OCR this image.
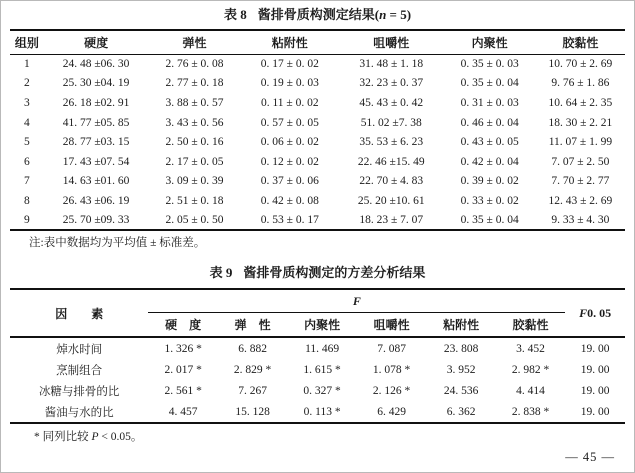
表 8 酱排骨质构测定结果(n = 5)
组别	硬度	弹性	粘附性	咀嚼性	内聚性	胶黏性
1	24. 48 ±06. 30	2. 76 ± 0. 08	0. 17 ± 0. 02	31. 48 ± 1. 18	0. 35 ± 0. 03	10. 70 ± 2. 69
2	25. 30 ±04. 19	2. 77 ± 0. 18	0. 19 ± 0. 03	32. 23 ± 0. 37	0. 35 ± 0. 04	9. 76 ± 1. 86
3	26. 18 ±02. 91	3. 88 ± 0. 57	0. 11 ± 0. 02	45. 43 ± 0. 42	0. 31 ± 0. 03	10. 64 ± 2. 35
4	41. 77 ±05. 85	3. 43 ± 0. 56	0. 57 ± 0. 05	51. 02 ±7. 38	0. 46 ± 0. 04	18. 30 ± 2. 21
5	28. 77 ±03. 15	2. 50 ± 0. 16	0. 06 ± 0. 02	35. 53 ± 6. 23	0. 43 ± 0. 05	11. 07 ± 1. 99
6	17. 43 ±07. 54	2. 17 ± 0. 05	0. 12 ± 0. 02	22. 46 ±15. 49	0. 42 ± 0. 04	7. 07 ± 2. 50
7	14. 63 ±01. 60	3. 09 ± 0. 39	0. 37 ± 0. 06	22. 70 ± 4. 83	0. 39 ± 0. 02	7. 70 ± 2. 77
8	26. 43 ±06. 19	2. 51 ± 0. 18	0. 42 ± 0. 08	25. 20 ±10. 61	0. 33 ± 0. 02	12. 43 ± 2. 69
9	25. 70 ±09. 33	2. 05 ± 0. 50	0. 53 ± 0. 17	18. 23 ± 7. 07	0. 35 ± 0. 04	9. 33 ± 4. 30
注:表中数据均为平均值 ± 标准差。
表 9 酱排骨质构测定的方差分析结果
因　　素	F						F0. 05
	硬　度	弹　性	内聚性	咀嚼性	粘附性	胶黏性	
焯水时间	1. 326 *	6. 882	11. 469	7. 087	23. 808	3. 452	19. 00
烹制组合	2. 017 *	2. 829 *	1. 615 *	1. 078 *	3. 952	2. 982 *	19. 00
冰糖与排骨的比	2. 561 *	7. 267	0. 327 *	2. 126 *	24. 536	4. 414	19. 00
酱油与水的比	4. 457	15. 128	0. 113 *	6. 429	6. 362	2. 838 *	19. 00
* 同列比较 P < 0.05。
— 45 —
